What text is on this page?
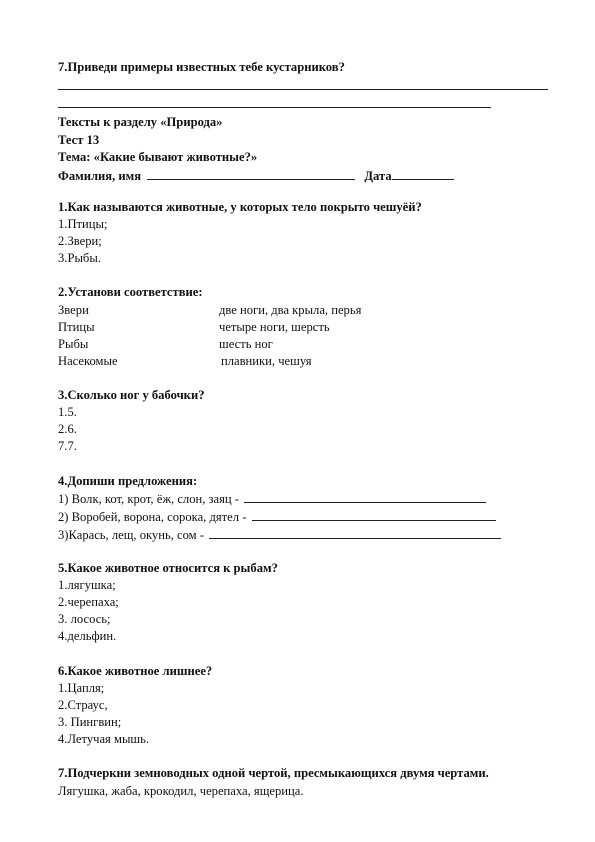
7.Приведи примеры известных тебе кустарников?
Тексты к разделу «Природа»
Тест 13
Тема: «Какие бывают животные?»
Фамилия, имя	Дата
1.Как называются животные, у которых тело покрыто чешуёй?
1.Птицы;
2.Звери;
3.Рыбы.
2.Установи соответствие:
Звери	две ноги, два крыла, перья
Птицы	четыре ноги, шерсть
Рыбы	шесть ног
Насекомые	плавники, чешуя
3.Сколько ног у бабочки?
1.5.
2.6.
7.7.
4.Допиши предложения:
1) Волк, кот, крот, ёж, слон, заяц -
2) Воробей, ворона, сорока, дятел -
3)Карась, лещ, окунь, сом -
5.Какое животное относится к рыбам?
1.лягушка;
2.черепаха;
3. лосось;
4.дельфин.
6.Какое животное лишнее?
1.Цапля;
2.Страус,
3. Пингвин;
4.Летучая мышь.
7.Подчеркни земноводных одной чертой, пресмыкающихся двумя чертами.
Лягушка, жаба, крокодил, черепаха, ящерица.
